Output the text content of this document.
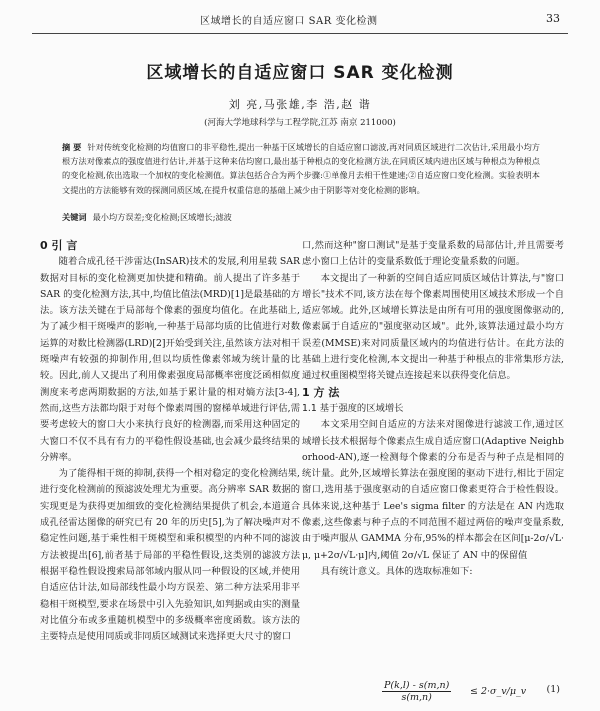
区域增长的自适应窗口 SAR 变化检测	33
区域增长的自适应窗口 SAR 变化检测
刘 亮,马张雄,李 浩,赵 谐
(河海大学地球科学与工程学院,江苏 南京 211000)
摘 要 针对传统变化检测的均值窗口的非平稳性,提出一种基于区域增长的自适应窗口滤波,再对同质区域进行二次估计,采用最小均方根方法对像素点的强度值进行估计,并基于这种来估均窗口,最出基于种根点的变化检测方法,在同质区域内进出区域与种根点为种根点的变化检测,依出选取一个加权的变化检测值。算法包括合合为两个步骤:①单像月去相干性建速;②自适应窗口变化检测。实验表明本文提出的方法能够有效的探测同质区域,在提升权重信息的基础上减少由于阴影等对变化检测的影响。
关键词 最小均方误差;变化检测;区域增长;滤波

0 引 言

随着合成孔径干涉雷达(InSAR)技术的发展,利用星载 SAR 数据对目标的变化检测更加快捷和精确。前人提出了许多基于 SAR 的变化检测方法,其中,均值比值法(MRD)[1]是最基础的方法。该方法关键在于局部每个像素的强度均值化。在此基础上,为了减少相干斑噪声的影响,一种基于局部均质的比值进行对数运算的对数比检测器(LRD)[2]开始受到关注,虽然该方法对相干斑噪声有较强的抑制作用,但以均质性像素邻域为统计量的比较。因此,前人又提出了利用像素强度局部概率密度泛函相似度测度来考虑两期数据的方法,如基于累计量的相对熵方法[3-4],然而,这些方法都均限于对每个像素周围的窗梯单域进行评估,需要考虑较大的窗口大小来执行良好的检测器,而采用这种固定的大窗口不仅不具有有力的平稳性假设基础,也会减少最终结果的分辨率。

为了能得相干斑的抑制,获得一个相对稳定的变化检测结果,进行变化检测前的预滤波处理尤为重要。高分辨率 SAR 数据的实现更是为获得更加细致的变化检测结果提供了机会,本道道合成孔径雷达图像的研究已有 20 年的历史[5],为了解决噪声对不稳定性问题,基于乘性相干斑模型和乘积模型的内种不同的滤波方法被提出[6],前者基于局部的平稳性假设,这类别的滤波方法根据平稳性假设搜索局部邻域内服从同一种假设的区域,并使用自适应估计法,如局部线性最小均方误差、第二种方法采用非平稳相干斑模型,要求在场景中引入先验知识,如判据或由实的测量对比值分布或多重随机模型中的多级概率密度函数。该方法的主要特点是使用同质或非同质区域测试来选择更大尺寸的窗口

口,然而这种"窗口测试"是基于变量系数的局部估计,并且需要考虑小窗口上估计的变量系数低于理论变量系数的问题。

本文提出了一种新的空间自适应同质区域估计算法,与"窗口增长"技术不同,该方法在每个像素周围使用区域技术形成一个自适应邻域。此外,区域增长算法是由所有可用的强度图像驱动的,像素属于自适应的"强度驱动区域"。此外,该算法通过最小均方误差(MMSE)来对同质量区域内的均值进行估计。在此方法的基础上进行变化检测,本文提出一种基于种根点的非常集形方法,通过权重图模型将关键点连接起来以获得变化信息。

1 方 法

1.1 基于强度的区域增长

本文采用空间自适应的方法来对图像进行滤波工作,通过区域增长技术根据每个像素点生成自适应窗口(Adaptive Neighborhood-AN),逐一检测每个像素的分布是否与种子点是相同的统计量。此外,区域增长算法在强度图的驱动下进行,相比于固定窗口,选用基于强度驱动的自适应窗口像素更符合于检性假设。具体来说,这种基于 Lee's sigma filter 的方法是在 AN 内选取像素,这些像素与种子点的不同范围不超过两倍的噪声变量系数,由于噪声服从 GAMMA 分布,95%的样本都会在区间[μ-2σ/√L·μ, μ+2σ/√L·μ]内,阈值 2σ/√L 保证了 AN 中的保留值

具有统计意义。具体的选取标准如下:

$\frac{P(k,l) - s(m,n)}{s(m,n)}$ ≤ 2·σ_v/μ_v (1)
